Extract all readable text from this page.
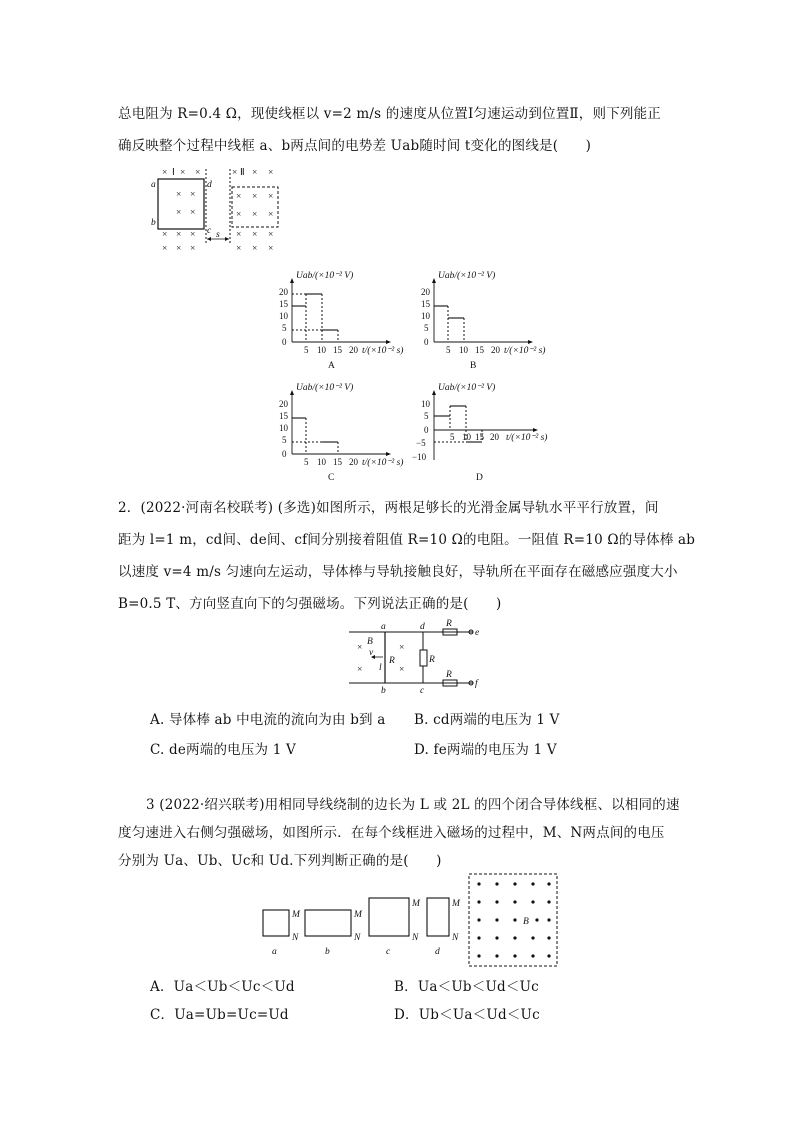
总电阻为 R=0.4 Ω，现使线框以 v=2 m/s 的速度从位置Ⅰ匀速运动到位置Ⅱ，则下列能正
确反映整个过程中线框 a、b两点间的电势差 Uab随时间 t变化的图线是(　　)
× Ⅰ × ×	× Ⅱ × ×
× ×
× ×
× × ×
× × ×
× × ×
× × ×
× × ×
× × ×
a
b
c
d
s
Uab/(×10⁻² V)
20
15
10
5
0
5 10 15 20 t/(×10⁻² s)
A
Uab/(×10⁻² V)
20
15
10
5
0
5 10 15 20 t/(×10⁻² s)
B
Uab/(×10⁻² V)
20
15
10
5
0
5 10 15 20 t/(×10⁻² s)
C
Uab/(×10⁻² V)
10
5
0
−5
−10
5 10 15 20 t/(×10⁻² s)
D
2．(2022·河南名校联考) (多选)如图所示，两根足够长的光滑金属导轨水平平行放置，间
距为 l=1 m，cd间、de间、cf间分别接着阻值 R=10 Ω的电阻。一阻值 R=10 Ω的导体棒 ab
以速度 v=4 m/s 匀速向左运动，导体棒与导轨接触良好，导轨所在平面存在磁感应强度大小
B=0.5 T、方向竖直向下的匀强磁场。下列说法正确的是(　　)
a
b	c
d
e
f
B
v
l
R	R
R
R
×
×
×
×
A. 导体棒 ab 中电流的流向为由 b到 a B. cd两端的电压为 1 V
C. de两端的电压为 1 V	D. fe两端的电压为 1 V
3 (2022·绍兴联考)用相同导线绕制的边长为 L 或 2L 的四个闭合导体线框、以相同的速
度匀速进入右侧匀强磁场，如图所示．在每个线框进入磁场的过程中，M、N两点间的电压
分别为 Ua、Ub、Uc和 Ud.下列判断正确的是(　　)
M
N
a
M
N
b
M
N
c
M
N
d
B
A．Ua＜Ub＜Uc＜Ud	B．Ua＜Ub＜Ud＜Uc
C．Ua=Ub=Uc=Ud	D．Ub＜Ua＜Ud＜Uc
